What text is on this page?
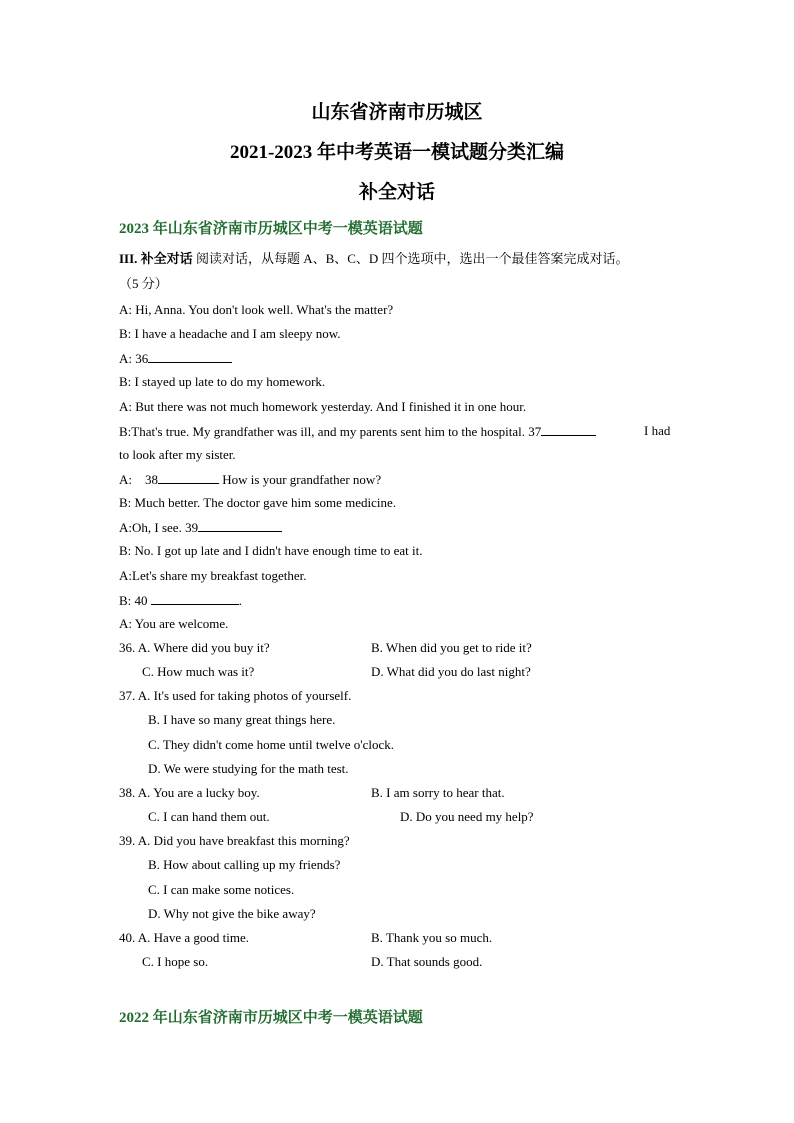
山东省济南市历城区
2021-2023 年中考英语一模试题分类汇编
补全对话
2023 年山东省济南市历城区中考一模英语试题
III. 补全对话 阅读对话，从每题 A、B、C、D 四个选项中，选出一个最佳答案完成对话。
（5 分）
A: Hi, Anna. You don't look well. What's the matter?
B: I have a headache and I am sleepy now.
A: 36
B: I stayed up late to do my homework.
A: But there was not much homework yesterday. And I finished it in one hour.
B:That's true. My grandfather was ill, and my parents sent him to the hospital. 37	I had
to look after my sister.
A:    38	How is your grandfather now?
B: Much better. The doctor gave him some medicine.
A:Oh, I see. 39
B: No. I got up late and I didn't have enough time to eat it.
A:Let's share my breakfast together.
B: 40	.
A: You are welcome.
36. A. Where did you buy it?	B. When did you get to ride it?
C. How much was it?	D. What did you do last night?
37. A. It's used for taking photos of yourself.
B. I have so many great things here.
C. They didn't come home until twelve o'clock.
D. We were studying for the math test.
38. A. You are a lucky boy.	B. I am sorry to hear that.
C. I can hand them out.	D. Do you need my help?
39. A. Did you have breakfast this morning?
B. How about calling up my friends?
C. I can make some notices.
D. Why not give the bike away?
40. A. Have a good time.	B. Thank you so much.
C. I hope so.	D. That sounds good.
2022 年山东省济南市历城区中考一模英语试题
